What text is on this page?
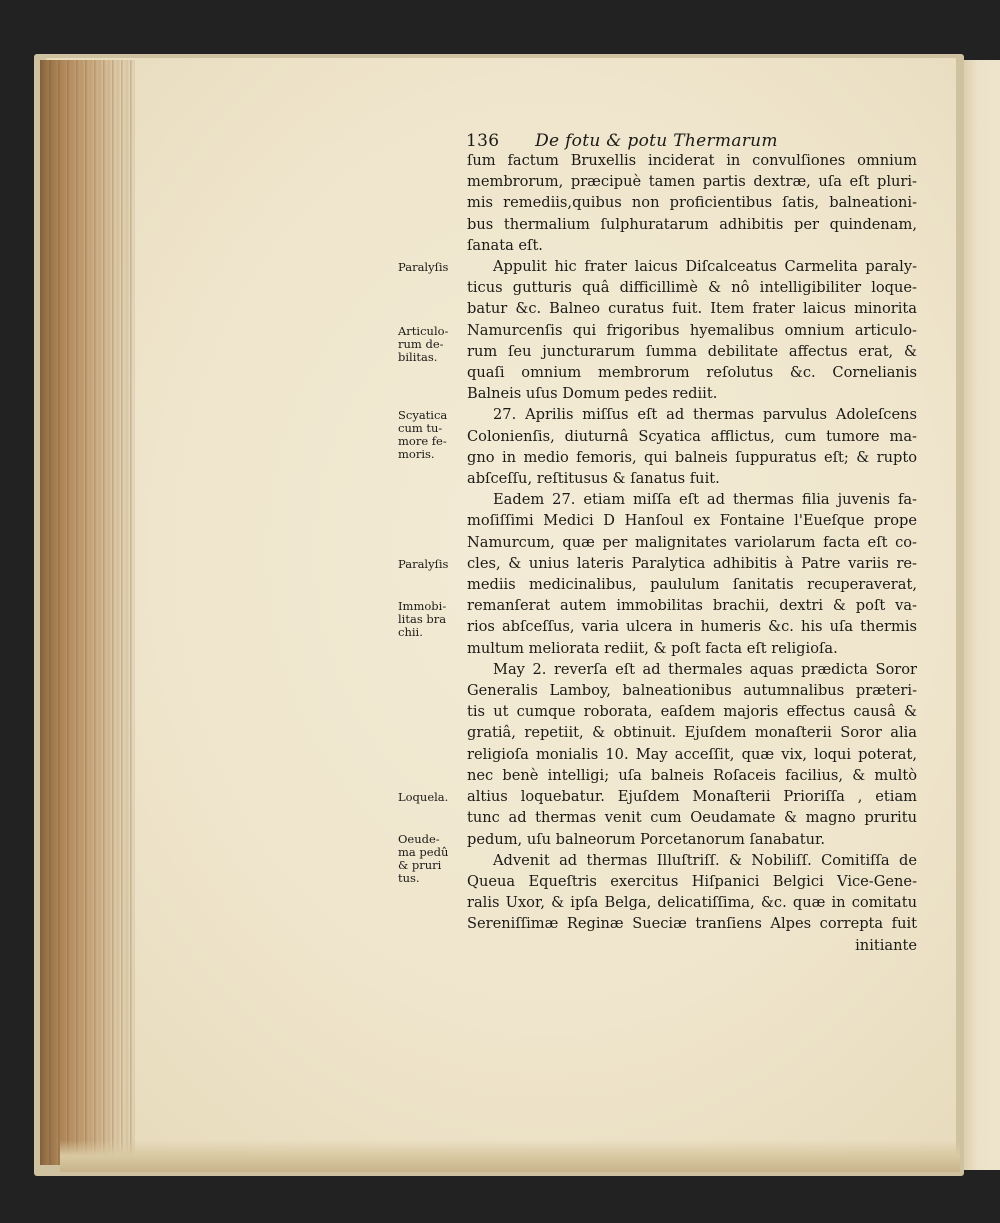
136 De fotu & potu Thermarum
ſum factum Bruxellis inciderat in convulſiones omnium
membrorum, præcipuè tamen partis dextræ, uſa eſt pluri-
mis remediis,quibus non proficientibus ſatis, balneationi-
bus thermalium ſulphuratarum adhibitis per quindenam,
ſanata eſt.
Appulit hic frater laicus Diſcalceatus Carmelita paraly-
ticus gutturis quâ difficillimè & nô intelligibiliter loque-
batur &c. Balneo curatus fuit. Item frater laicus minorita
Namurcenſis qui frigoribus hyemalibus omnium articulo-
rum ſeu juncturarum ſumma debilitate affectus erat, &
quaſi omnium membrorum reſolutus &c. Cornelianis
Balneis uſus Domum pedes rediit.
27. Aprilis miſſus eſt ad thermas parvulus Adoleſcens
Colonienſis, diuturnâ Scyatica afflictus, cum tumore ma-
gno in medio femoris, qui balneis ſuppuratus eſt; & rupto
abſceſſu, reſtitusus & ſanatus fuit.
Eadem 27. etiam miſſa eſt ad thermas filia juvenis fa-
moſiſſimi Medici D Hanſoul ex Fontaine l'Eueſque prope
Namurcum, quæ per malignitates variolarum facta eſt co-
cles, & unius lateris Paralytica adhibitis à Patre variis re-
mediis medicinalibus, paululum ſanitatis recuperaverat,
remanſerat autem immobilitas brachii, dextri & poſt va-
rios abſceſſus, varia ulcera in humeris &c. his uſa thermis
multum meliorata rediit, & poſt facta eſt religioſa.
May 2. reverſa eſt ad thermales aquas prædicta Soror
Generalis Lamboy, balneationibus autumnalibus præteri-
tis ut cumque roborata, eaſdem majoris effectus causâ &
gratiâ, repetiit, & obtinuit. Ejuſdem monaſterii Soror alia
religioſa monialis 10. May acceſſit, quæ vix, loqui poterat,
nec benè intelligi; uſa balneis Roſaceis facilius, & multò
altius loquebatur. Ejuſdem Monaſterii Prioriſſa , etiam
tunc ad thermas venit cum Oeudamate & magno pruritu
pedum, uſu balneorum Porcetanorum ſanabatur.
Advenit ad thermas Illuſtriſſ. & Nobiliſſ. Comitiſſa de
Queua Equeſtris exercitus Hiſpanici Belgici Vice-Gene-
ralis Uxor, & ipſa Belga, delicatiſſima, &c. quæ in comitatu
Sereniſſimæ Reginæ Sueciæ tranſiens Alpes correpta fuit
initiante
Paralyſis
Articulo-
rum de-
bilitas.
Scyatica
cum tu-
more fe-
moris.
Paralyſis
Immobi-
litas bra
chii.
Loquela.
Oeude-
ma pedû
& pruri
tus.
